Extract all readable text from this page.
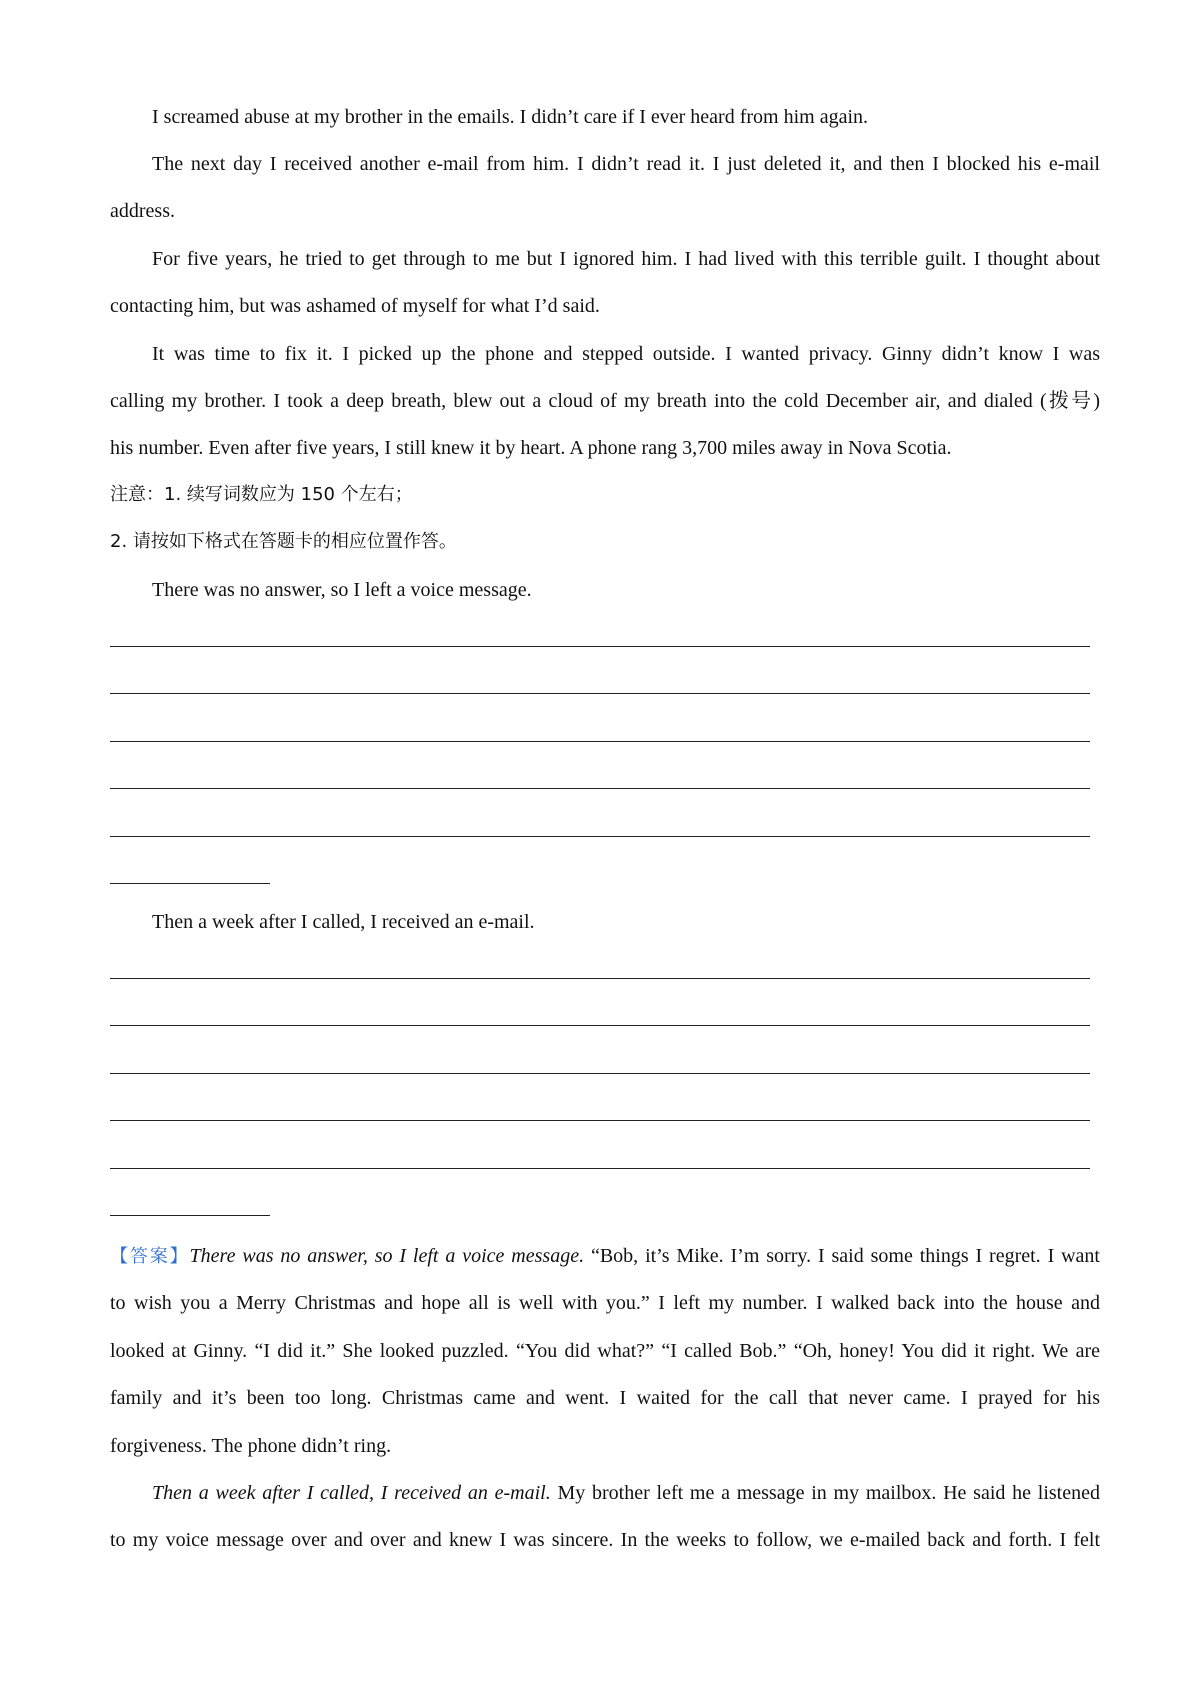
I screamed abuse at my brother in the emails. I didn’t care if I ever heard from him again.
The next day I received another e-mail from him. I didn’t read it. I just deleted it, and then I blocked his e-mail
address.
For five years, he tried to get through to me but I ignored him. I had lived with this terrible guilt. I thought about
contacting him, but was ashamed of myself for what I’d said.
It was time to fix it. I picked up the phone and stepped outside. I wanted privacy. Ginny didn’t know I was
calling my brother. I took a deep breath, blew out a cloud of my breath into the cold December air, and dialed (拨号)
his number. Even after five years, I still knew it by heart. A phone rang 3,700 miles away in Nova Scotia.
注意：1. 续写词数应为 150 个左右；
2. 请按如下格式在答题卡的相应位置作答。
There was no answer, so I left a voice message.
Then a week after I called, I received an e-mail.
【答案】There was no answer, so I left a voice message. “Bob, it’s Mike. I’m sorry. I said some things I regret. I want
to wish you a Merry Christmas and hope all is well with you.” I left my number. I walked back into the house and
looked at Ginny. “I did it.” She looked puzzled. “You did what?” “I called Bob.” “Oh, honey! You did it right. We are
family and it’s been too long. Christmas came and went. I waited for the call that never came. I prayed for his
forgiveness. The phone didn’t ring.
Then a week after I called, I received an e-mail. My brother left me a message in my mailbox. He said he listened
to my voice message over and over and knew I was sincere. In the weeks to follow, we e-mailed back and forth. I felt
